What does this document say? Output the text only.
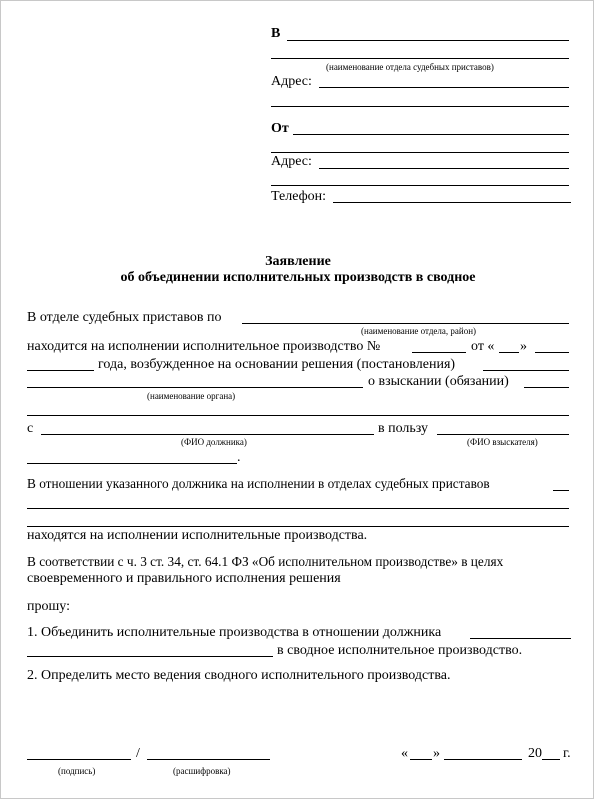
В
(наименование отдела судебных приставов)
Адрес:
От
Адрес:
Телефон:
Заявление
об объединении исполнительных производств в сводное
В отделе судебных приставов по
(наименование отдела, район)
находится на исполнении исполнительное производство №	от « »
года, возбужденное на основании решения (постановления)
о взыскании (обязании)
(наименование органа)
с	в пользу
(ФИО должника)	(ФИО взыскателя)
.
В отношении указанного должника на исполнении в отделах судебных приставов
находятся на исполнении исполнительные производства.
В соответствии с ч. 3 ст. 34, ст. 64.1 ФЗ «Об исполнительном производстве» в целях
своевременного и правильного исполнения решения
прошу:
1. Объединить исполнительные производства в отношении должника
в сводное исполнительное производство.
2. Определить место ведения сводного исполнительного производства.
/
(подпись)	(расшифровка)
« »	20 г.
